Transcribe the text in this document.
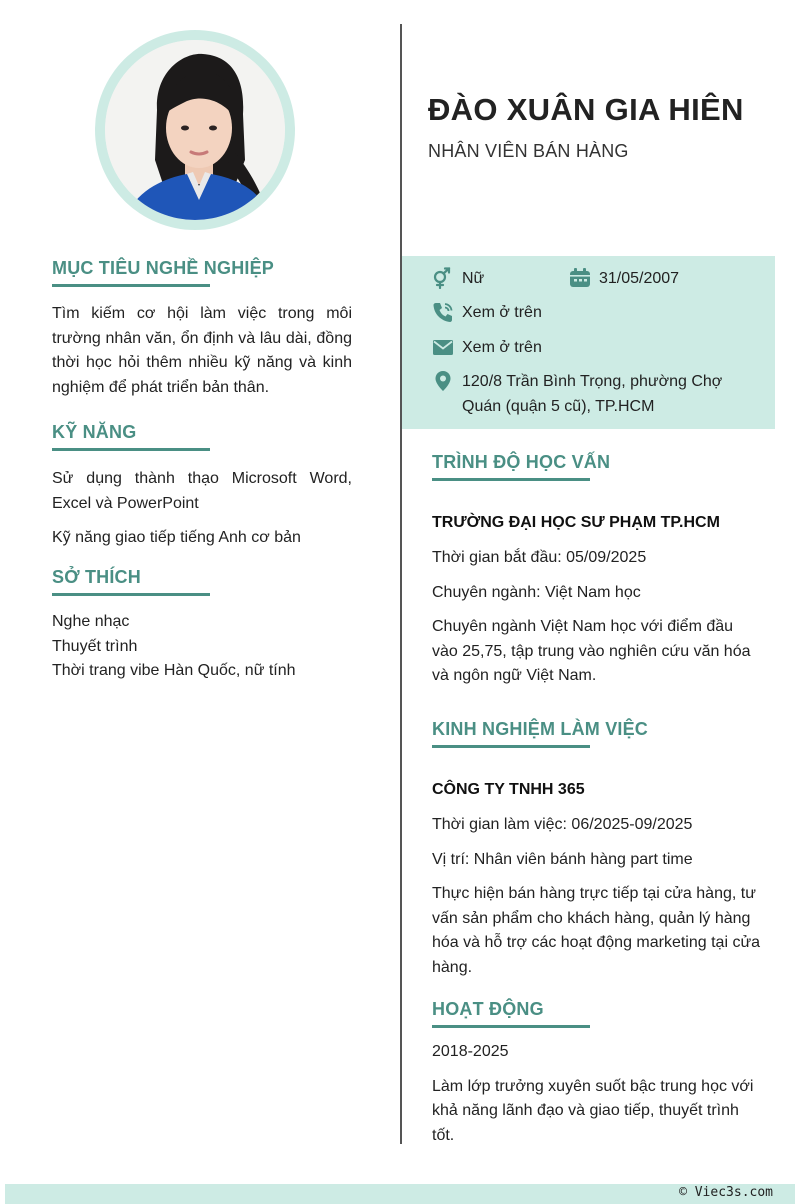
MỤC TIÊU NGHỀ NGHIỆP
Tìm kiếm cơ hội làm việc trong môi trường nhân văn, ổn định và lâu dài, đồng thời học hỏi thêm nhiều kỹ năng và kinh nghiệm để phát triển bản thân.
KỸ NĂNG
Sử dụng thành thạo Microsoft Word, Excel và PowerPoint
Kỹ năng giao tiếp tiếng Anh cơ bản
SỞ THÍCH
Nghe nhạc
Thuyết trình
Thời trang vibe Hàn Quốc, nữ tính
ĐÀO XUÂN GIA HIÊN
NHÂN VIÊN BÁN HÀNG
Nữ	31/05/2007
Xem ở trên
Xem ở trên
120/8 Trần Bình Trọng, phường Chợ Quán (quận 5 cũ), TP.HCM
TRÌNH ĐỘ HỌC VẤN
TRƯỜNG ĐẠI HỌC SƯ PHẠM TP.HCM
Thời gian bắt đầu: 05/09/2025
Chuyên ngành: Việt Nam học
Chuyên ngành Việt Nam học với điểm đầu vào 25,75, tập trung vào nghiên cứu văn hóa và ngôn ngữ Việt Nam.
KINH NGHIỆM LÀM VIỆC
CÔNG TY TNHH 365
Thời gian làm việc: 06/2025-09/2025
Vị trí: Nhân viên bánh hàng part time
Thực hiện bán hàng trực tiếp tại cửa hàng, tư vấn sản phẩm cho khách hàng, quản lý hàng hóa và hỗ trợ các hoạt động marketing tại cửa hàng.
HOẠT ĐỘNG
2018-2025
Làm lớp trưởng xuyên suốt bậc trung học với khả năng lãnh đạo và giao tiếp, thuyết trình tốt.
© Viec3s.com
